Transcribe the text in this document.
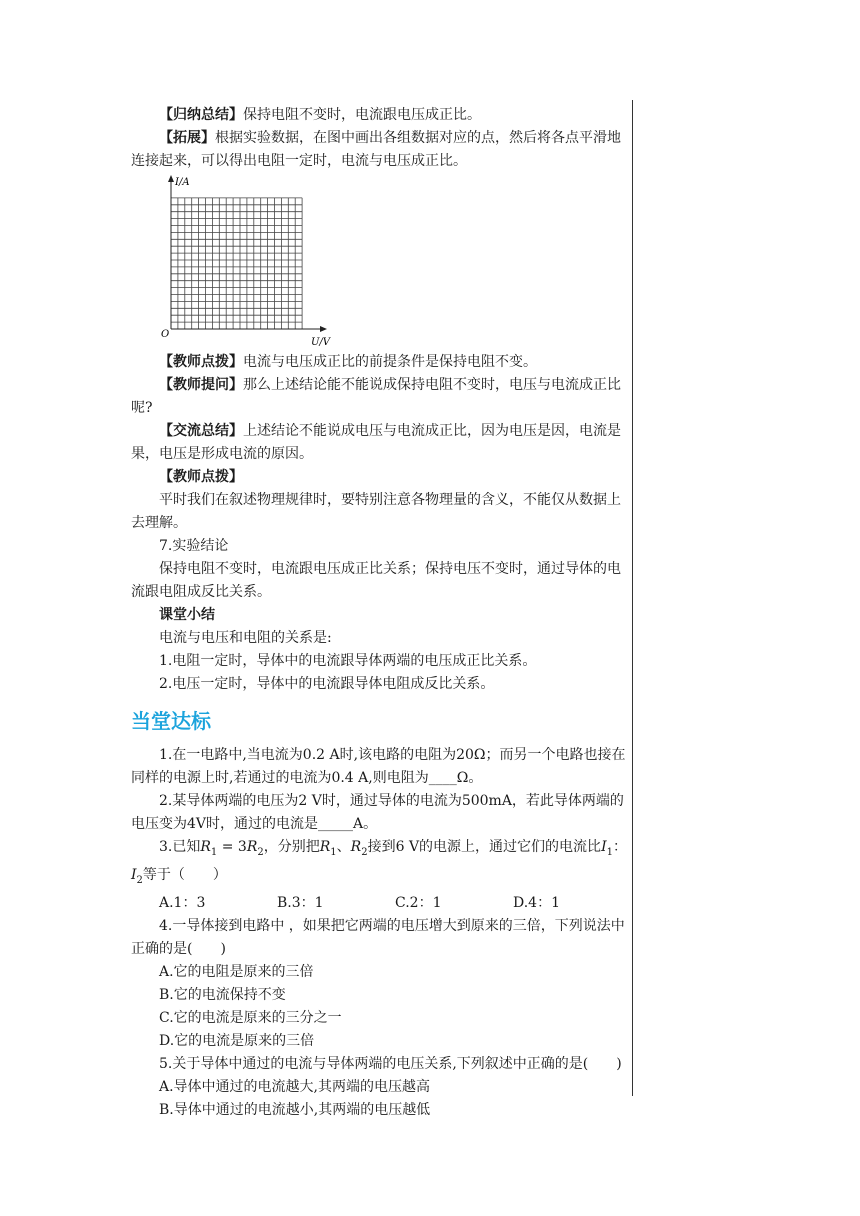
【归纳总结】保持电阻不变时，电流跟电压成正比。

【拓展】根据实验数据，在图中画出各组数据对应的点，然后将各点平滑地连接起来，可以得出电阻一定时，电流与电压成正比。

I/A
U/V
O

【教师点拨】电流与电压成正比的前提条件是保持电阻不变。

【教师提问】那么上述结论能不能说成保持电阻不变时，电压与电流成正比呢?

【交流总结】上述结论不能说成电压与电流成正比，因为电压是因，电流是果，电压是形成电流的原因。

【教师点拨】

平时我们在叙述物理规律时，要特别注意各物理量的含义，不能仅从数据上去理解。

7.实验结论

保持电阻不变时，电流跟电压成正比关系；保持电压不变时，通过导体的电流跟电阻成反比关系。

课堂小结

电流与电压和电阻的关系是:

1.电阻一定时，导体中的电流跟导体两端的电压成正比关系。

2.电压一定时，导体中的电流跟导体电阻成反比关系。

当堂达标

1.在一电路中,当电流为0.2 A时,该电路的电阻为20Ω；而另一个电路也接在同样的电源上时,若通过的电流为0.4 A,则电阻为____Ω。

2.某导体两端的电压为2 V时，通过导体的电流为500mA，若此导体两端的电压变为4V时，通过的电流是_____A。

3.已知$R_1 = 3R_2$，分别把$R_1$、$R_2$接到6 V的电源上，通过它们的电流比$I_1$：$I_2$等于（　　）

A.1：3	B.3：1	C.2：1	D.4：1

4.一导体接到电路中 ，如果把它两端的电压增大到原来的三倍，下列说法中正确的是(　　)

A.它的电阻是原来的三倍

B.它的电流保持不变

C.它的电流是原来的三分之一

D.它的电流是原来的三倍

5.关于导体中通过的电流与导体两端的电压关系,下列叙述中正确的是(　　)

A.导体中通过的电流越大,其两端的电压越高

B.导体中通过的电流越小,其两端的电压越低
